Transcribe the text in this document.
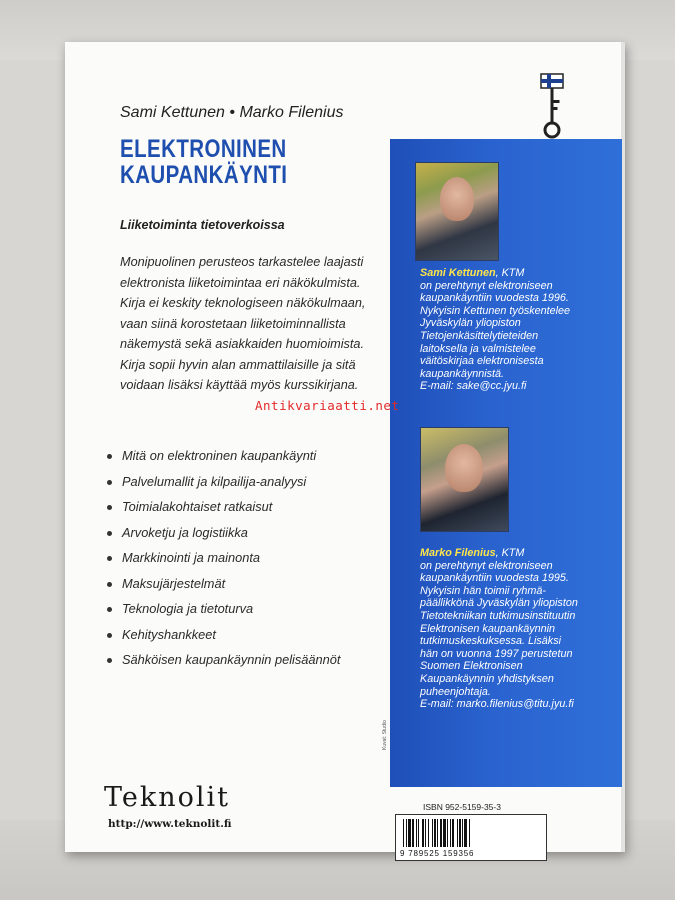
Sami Kettunen • Marko Filenius
ELEKTRONINEN
KAUPANKÄYNTI
Liiketoiminta tietoverkoissa

Monipuolinen perusteos tarkastelee laajasti

elektronista liiketoimintaa eri näkökulmista.

Kirja ei keskity teknologiseen näkökulmaan,

vaan siinä korostetaan liiketoiminnallista

näkemystä sekä asiakkaiden huomioimista.

Kirja sopii hyvin alan ammattilaisille ja sitä

voidaan lisäksi käyttää myös kurssikirjana.

Mitä on elektroninen kaupankäynti
Palvelumallit ja kilpailija-analyysi
Toimialakohtaiset ratkaisut
Arvoketju ja logistiikka
Markkinointi ja mainonta
Maksujärjestelmät
Teknologia ja tietoturva
Kehityshankkeet
Sähköisen kaupankäynnin pelisäännöt
Teknolit
http://www.teknolit.fi
Sami Kettunen, KTM
on perehtynyt elektroniseen
kaupankäyntiin vuodesta 1996.
Nykyisin Kettunen työskentelee
Jyväskylän yliopiston
Tietojenkäsittelytieteiden
laitoksella ja valmistelee
väitöskirjaa elektronisesta
kaupankäynnistä.
E-mail: sake@cc.jyu.fi
Marko Filenius, KTM
on perehtynyt elektroniseen
kaupankäyntiin vuodesta 1995.
Nykyisin hän toimii ryhmä-
päällikkönä Jyväskylän yliopiston
Tietotekniikan tutkimusinstituutin
Elektronisen kaupankäynnin
tutkimuskeskuksessa. Lisäksi
hän on vuonna 1997 perustetun
Suomen Elektronisen
Kaupankäynnin yhdistyksen
puheenjohtaja.
E-mail: marko.filenius@titu.jyu.fi
Kuvat: Studio
Antikvariaatti.net
ISBN 952-5159-35-3
9 789525 159356
